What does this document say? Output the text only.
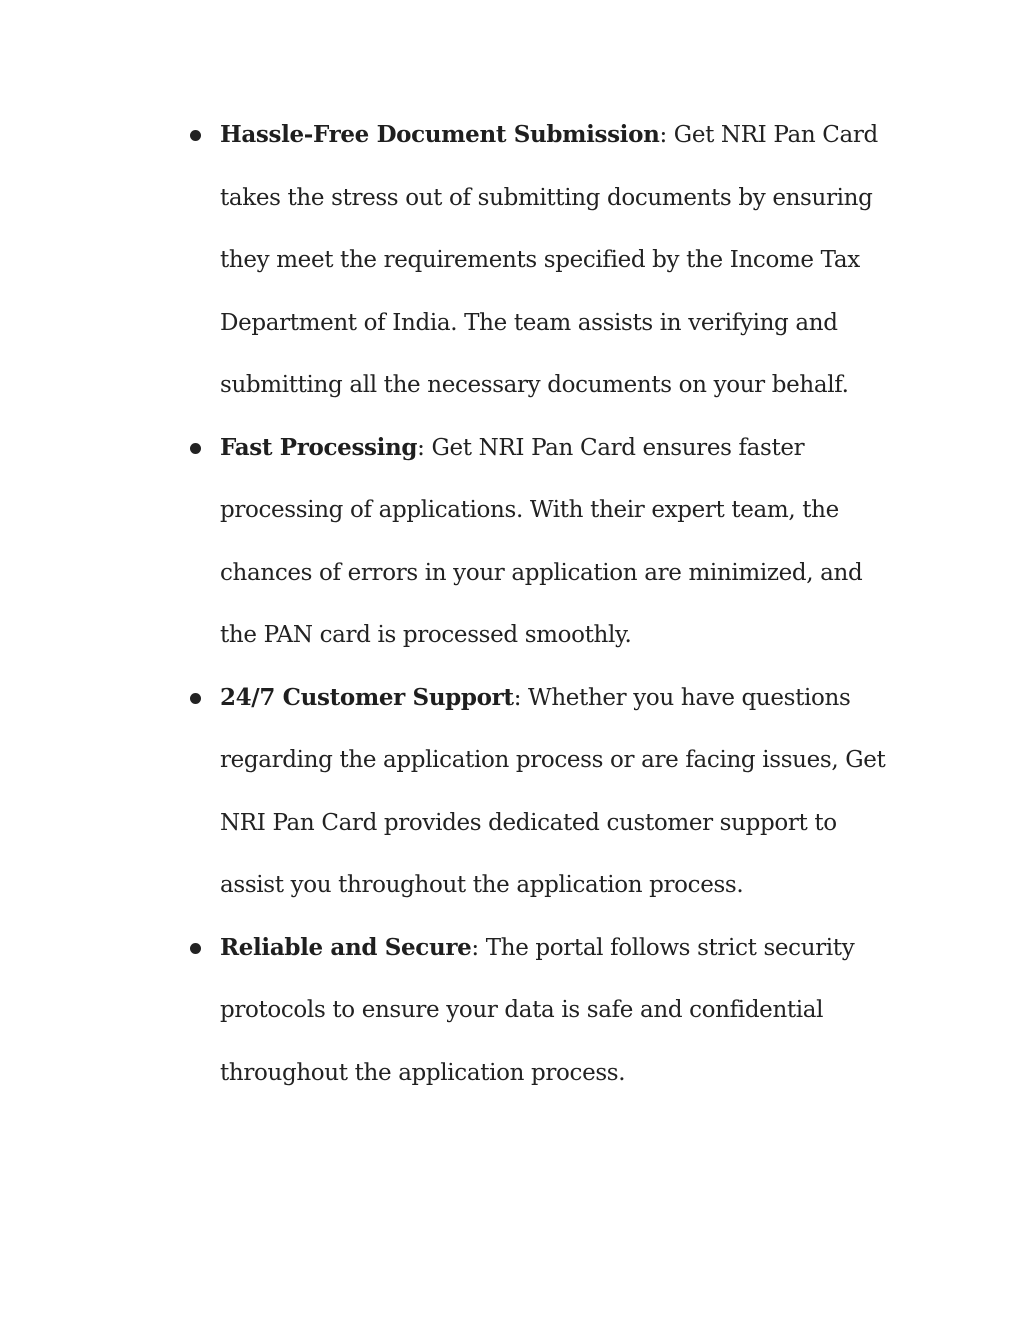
Hassle-Free Document Submission: Get NRI Pan Card takes the stress out of submitting documents by ensuring they meet the requirements specified by the Income Tax Department of India. The team assists in verifying and submitting all the necessary documents on your behalf.
Fast Processing: Get NRI Pan Card ensures faster processing of applications. With their expert team, the chances of errors in your application are minimized, and the PAN card is processed smoothly.
24/7 Customer Support: Whether you have questions regarding the application process or are facing issues, Get NRI Pan Card provides dedicated customer support to assist you throughout the application process.
Reliable and Secure: The portal follows strict security protocols to ensure your data is safe and confidential throughout the application process.
